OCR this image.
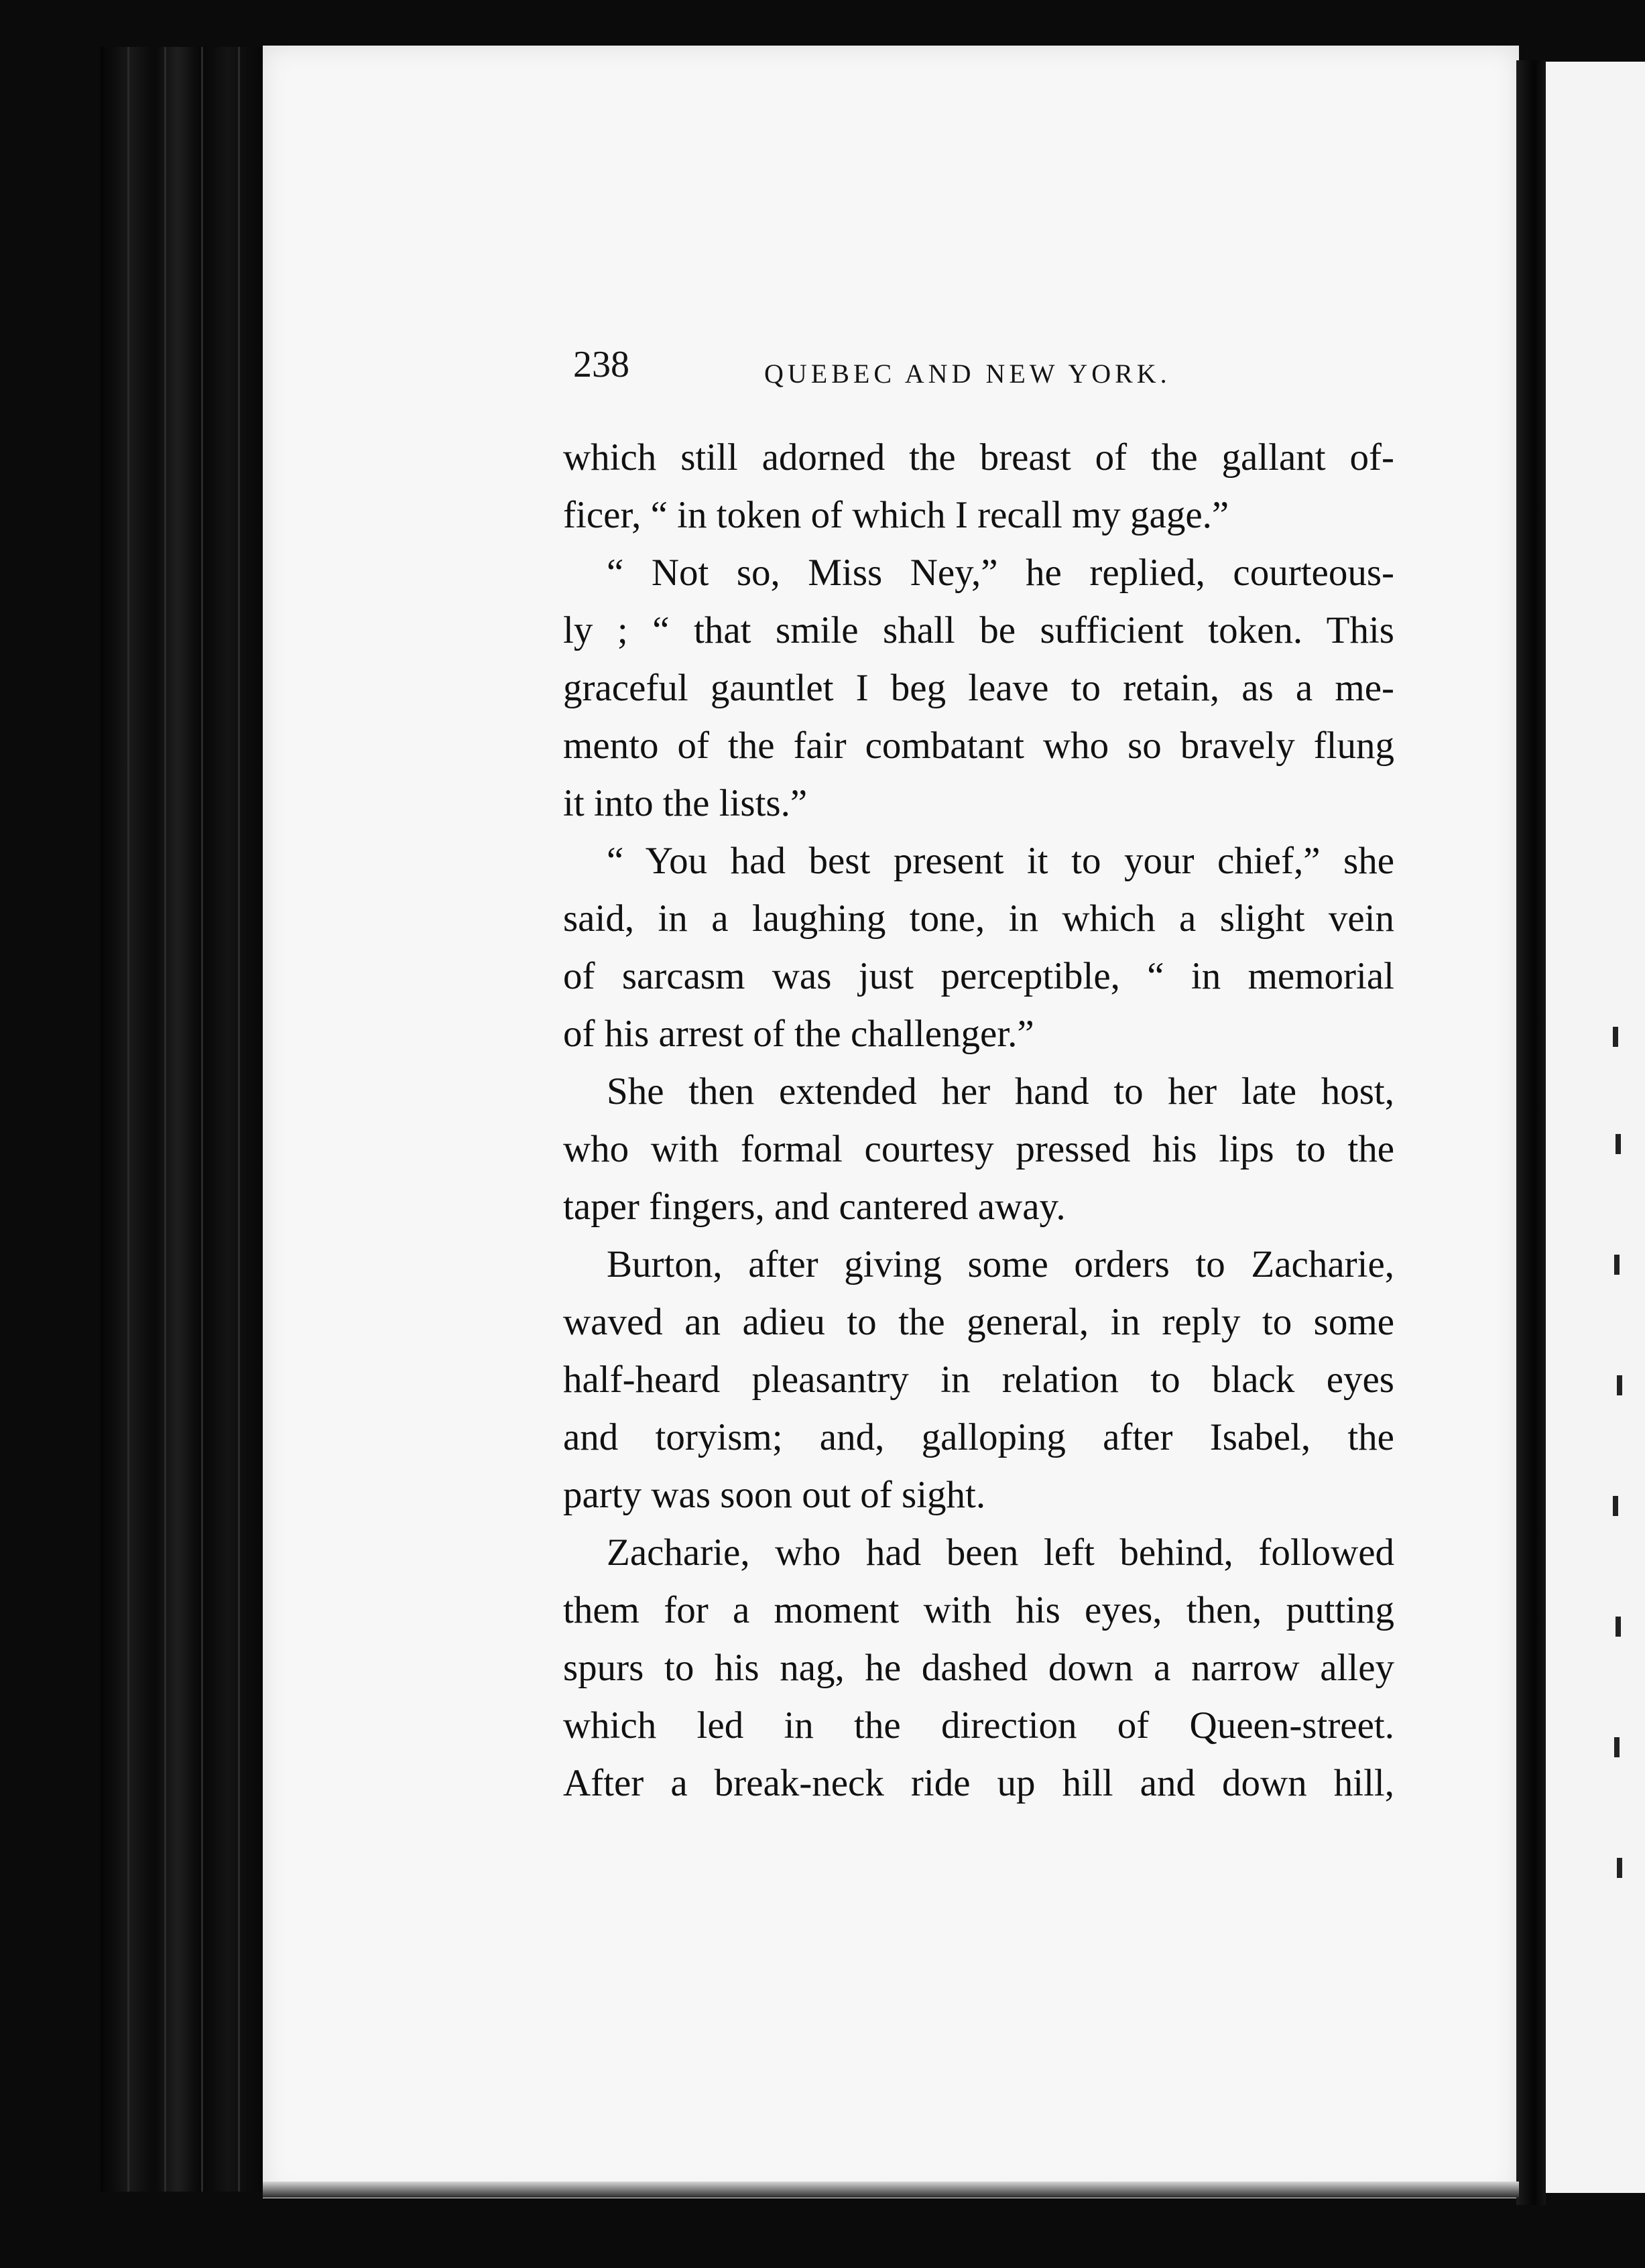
238	QUEBEC AND NEW YORK.
which still adorned the breast of the gallant of-
ficer, “ in token of which I recall my gage.”
“ Not so, Miss Ney,” he replied, courteous-
ly ; “ that smile shall be sufficient token. This
graceful gauntlet I beg leave to retain, as a me-
mento of the fair combatant who so bravely flung
it into the lists.”
“ You had best present it to your chief,” she
said, in a laughing tone, in which a slight vein
of sarcasm was just perceptible, “ in memorial
of his arrest of the challenger.”
She then extended her hand to her late host,
who with formal courtesy pressed his lips to the
taper fingers, and cantered away.
Burton, after giving some orders to Zacharie,
waved an adieu to the general, in reply to some
half-heard pleasantry in relation to black eyes
and toryism; and, galloping after Isabel, the
party was soon out of sight.
Zacharie, who had been left behind, followed
them for a moment with his eyes, then, putting
spurs to his nag, he dashed down a narrow alley
which led in the direction of Queen-street.
After a break-neck ride up hill and down hill,
